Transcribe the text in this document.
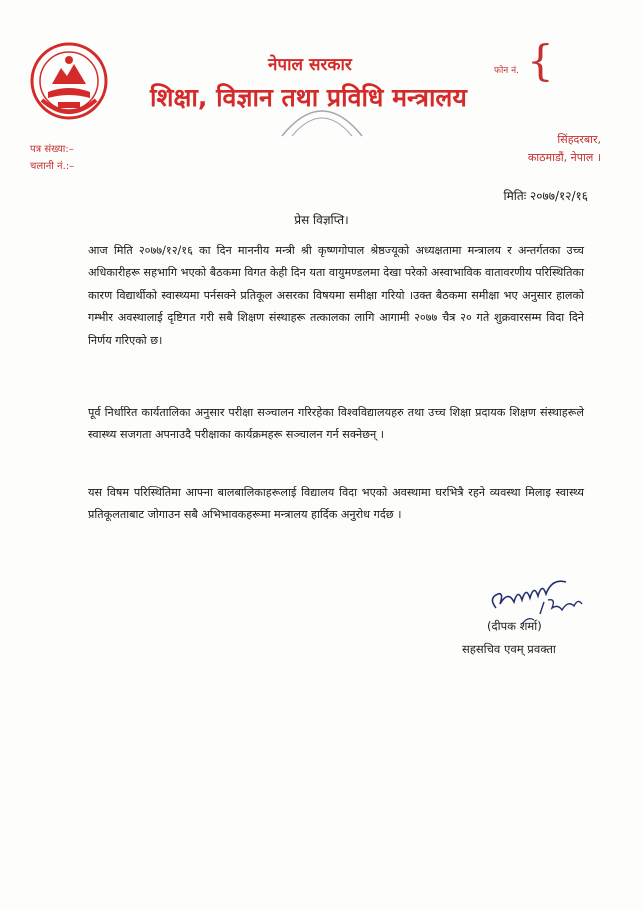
नेपाल सरकार
शिक्षा, विज्ञान तथा प्रविधि मन्त्रालय
फोन नं. {
पत्र संख्या:–
चलानी नं.:–
सिंहदरबार,
काठमाडौं, नेपाल ।
मितिः २०७७/१२/१६
प्रेस विज्ञप्ति।
आज मिति २०७७/१२/१६ का दिन माननीय मन्त्री श्री कृष्णगोपाल श्रेष्ठज्यूको अध्यक्षतामा मन्त्रालय र अन्तर्गतका उच्च अधिकारीहरू सहभागि भएको बैठकमा विगत केही दिन यता वायुमण्डलमा देखा परेको अस्वाभाविक वातावरणीय परिस्थितिका कारण विद्यार्थीको स्वास्थ्यमा पर्नसक्ने प्रतिकूल असरका विषयमा समीक्षा गरियो ।उक्त बैठकमा समीक्षा भए अनुसार हालको गम्भीर अवस्थालाई दृष्टिगत गरी सबै शिक्षण संस्थाहरू तत्कालका लागि आगामी २०७७ चैत्र २० गते शुक्रवारसम्म विदा दिने निर्णय गरिएको छ।
पूर्व निर्धारित कार्यतालिका अनुसार परीक्षा सञ्चालन गरिरहेका विश्वविद्यालयहरु तथा उच्च शिक्षा प्रदायक शिक्षण संस्थाहरूले स्वास्थ्य सजगता अपनाउदै परीक्षाका कार्यक्रमहरू सञ्चालन गर्न सक्नेछन् ।
यस विषम परिस्थितिमा आफ्ना बालबालिकाहरूलाई विद्यालय विदा भएको अवस्थामा घरभित्रै रहने व्यवस्था मिलाइ स्वास्थ्य प्रतिकूलताबाट जोगाउन सबै अभिभावकहरूमा मन्त्रालय हार्दिक अनुरोध गर्दछ ।
(दीपक शर्मा)
सहसचिव एवम् प्रवक्ता
